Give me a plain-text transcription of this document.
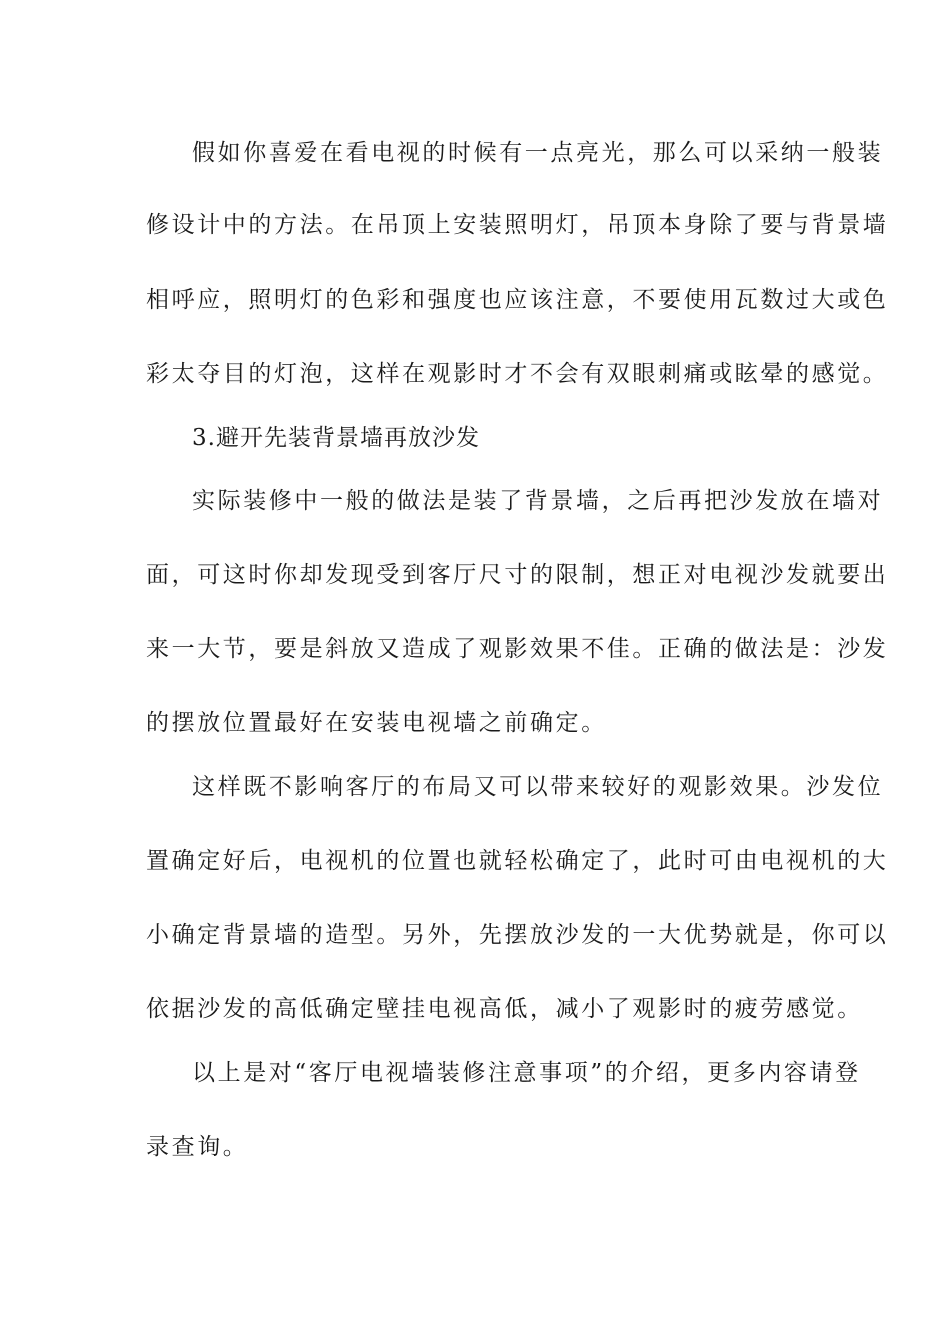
假如你喜爱在看电视的时候有一点亮光，那么可以采纳一般装
修设计中的方法。在吊顶上安装照明灯，吊顶本身除了要与背景墙
相呼应，照明灯的色彩和强度也应该注意，不要使用瓦数过大或色
彩太夺目的灯泡，这样在观影时才不会有双眼刺痛或眩晕的感觉。
3.避开先装背景墙再放沙发
实际装修中一般的做法是装了背景墙，之后再把沙发放在墙对
面，可这时你却发现受到客厅尺寸的限制，想正对电视沙发就要出
来一大节，要是斜放又造成了观影效果不佳。正确的做法是：沙发
的摆放位置最好在安装电视墙之前确定。
这样既不影响客厅的布局又可以带来较好的观影效果。沙发位
置确定好后，电视机的位置也就轻松确定了，此时可由电视机的大
小确定背景墙的造型。另外，先摆放沙发的一大优势就是，你可以
依据沙发的高低确定壁挂电视高低，减小了观影时的疲劳感觉。
以上是对“客厅电视墙装修注意事项”的介绍，更多内容请登
录查询。
